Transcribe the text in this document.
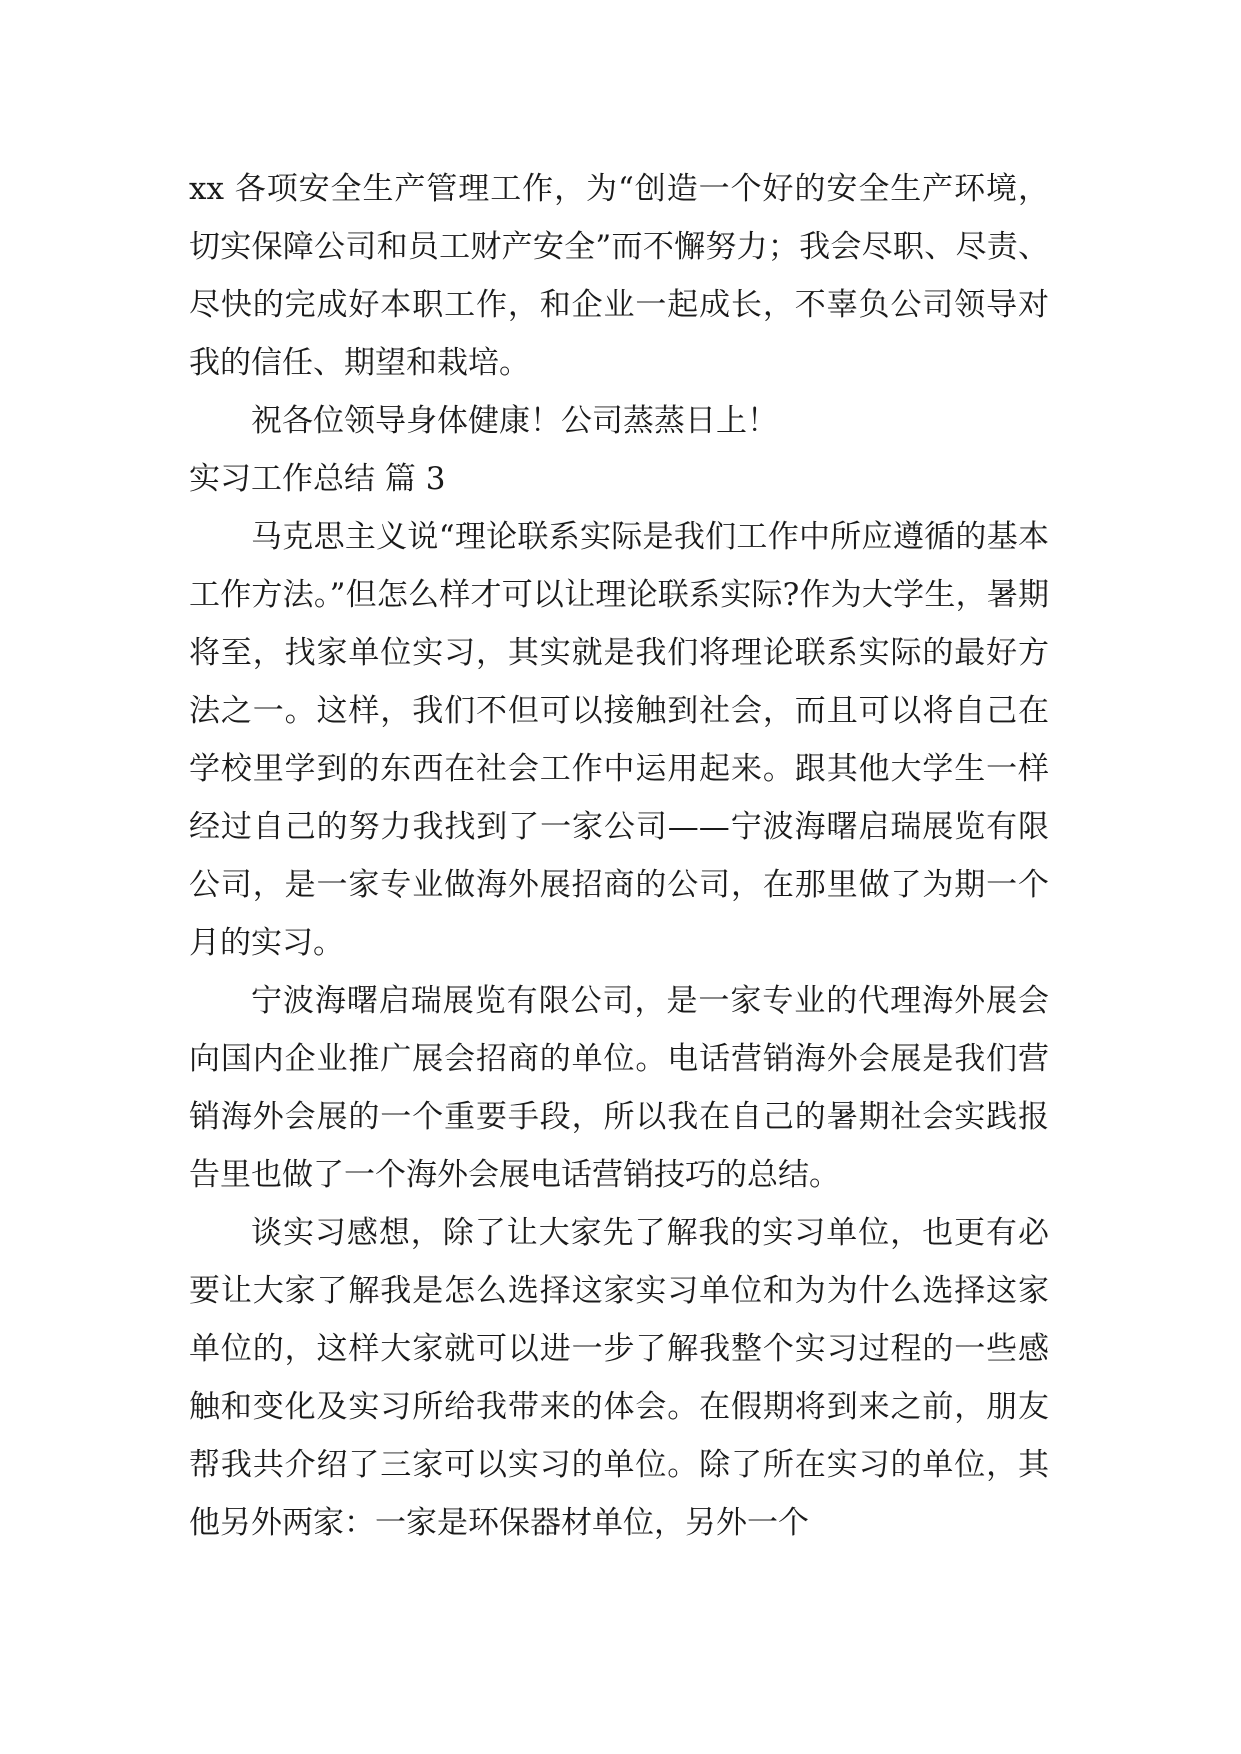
xx 各项安全生产管理工作，为“创造一个好的安全生产环境，切实保障公司和员工财产安全”而不懈努力；我会尽职、尽责、尽快的完成好本职工作，和企业一起成长，不辜负公司领导对我的信任、期望和栽培。

祝各位领导身体健康！公司蒸蒸日上！

实习工作总结 篇 3

马克思主义说“理论联系实际是我们工作中所应遵循的基本工作方法。”但怎么样才可以让理论联系实际?作为大学生，暑期将至，找家单位实习，其实就是我们将理论联系实际的最好方法之一。这样，我们不但可以接触到社会，而且可以将自己在学校里学到的东西在社会工作中运用起来。跟其他大学生一样经过自己的努力我找到了一家公司——宁波海曙启瑞展览有限公司，是一家专业做海外展招商的公司，在那里做了为期一个月的实习。

宁波海曙启瑞展览有限公司，是一家专业的代理海外展会向国内企业推广展会招商的单位。电话营销海外会展是我们营销海外会展的一个重要手段，所以我在自己的暑期社会实践报告里也做了一个海外会展电话营销技巧的总结。

谈实习感想，除了让大家先了解我的实习单位，也更有必要让大家了解我是怎么选择这家实习单位和为为什么选择这家单位的，这样大家就可以进一步了解我整个实习过程的一些感触和变化及实习所给我带来的体会。在假期将到来之前，朋友帮我共介绍了三家可以实习的单位。除了所在实习的单位，其他另外两家：一家是环保器材单位，另外一个
